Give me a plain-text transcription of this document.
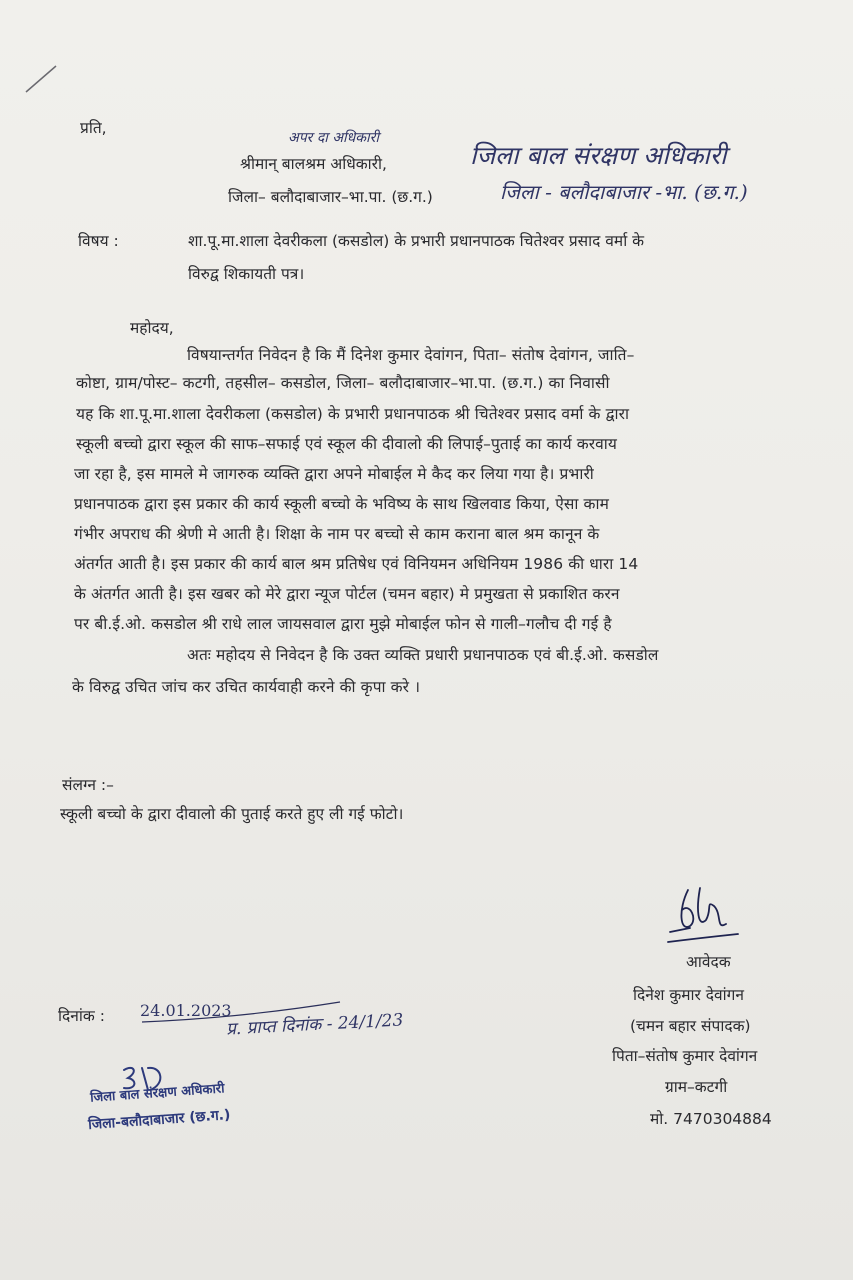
प्रति,
अपर दा अधिकारी
श्रीमान् बालश्रम अधिकारी,	जिला बाल संरक्षण अधिकारी
जिला– बलौदाबाजार–भा.पा. (छ.ग.)	जिला - बलौदाबाजार -भा. (छ.ग.)
विषय :	शा.पू.मा.शाला देवरीकला (कसडोल) के प्रभारी प्रधानपाठक चितेश्वर प्रसाद वर्मा के
विरुद्व शिकायती पत्र।
महोदय,
विषयान्तर्गत निवेदन है कि मैं दिनेश कुमार देवांगन, पिता– संतोष देवांगन, जाति–
कोष्टा, ग्राम/पोस्ट– कटगी, तहसील– कसडोल, जिला– बलौदाबाजार–भा.पा. (छ.ग.) का निवासी
यह कि शा.पू.मा.शाला देवरीकला (कसडोल) के प्रभारी प्रधानपाठक श्री चितेश्वर प्रसाद वर्मा के द्वारा
स्कूली बच्चो द्वारा स्कूल की साफ–सफाई एवं स्कूल की दीवालो की लिपाई–पुताई का कार्य करवाय
जा रहा है, इस मामले मे जागरुक व्यक्ति द्वारा अपने मोबाईल मे कैद कर लिया गया है। प्रभारी
प्रधानपाठक द्वारा इस प्रकार की कार्य स्कूली बच्चो के भविष्य के साथ खिलवाड किया, ऐसा काम
गंभीर अपराध की श्रेणी मे आती है। शिक्षा के नाम पर बच्चो से काम कराना बाल श्रम कानून के
अंतर्गत आती है। इस प्रकार की कार्य बाल श्रम प्रतिषेध एवं विनियमन अधिनियम 1986 की धारा 14
के अंतर्गत आती है। इस खबर को मेरे द्वारा न्यूज पोर्टल (चमन बहार) मे प्रमुखता से प्रकाशित करन
पर बी.ई.ओ. कसडोल श्री राधे लाल जायसवाल द्वारा मुझे मोबाईल फोन से गाली–गलौच दी गई है
अतः महोदय से निवेदन है कि उक्त व्यक्ति प्रधारी प्रधानपाठक एवं बी.ई.ओ. कसडोल
के विरुद्व उचित जांच कर उचित कार्यवाही करने की कृपा करे ।
संलग्न :–
स्कूली बच्चो के द्वारा दीवालो की पुताई करते हुए ली गई फोटो।
आवेदक
दिनेश कुमार देवांगन
(चमन बहार संपादक)
पिता–संतोष कुमार देवांगन
ग्राम–कटगी
मो. 7470304884
दिनांक : 24.01.2023
प्र. प्राप्त दिनांक - 24/1/23
जिला बाल संरक्षण अधिकारी
जिला-बलौदाबाजार (छ.ग.)
